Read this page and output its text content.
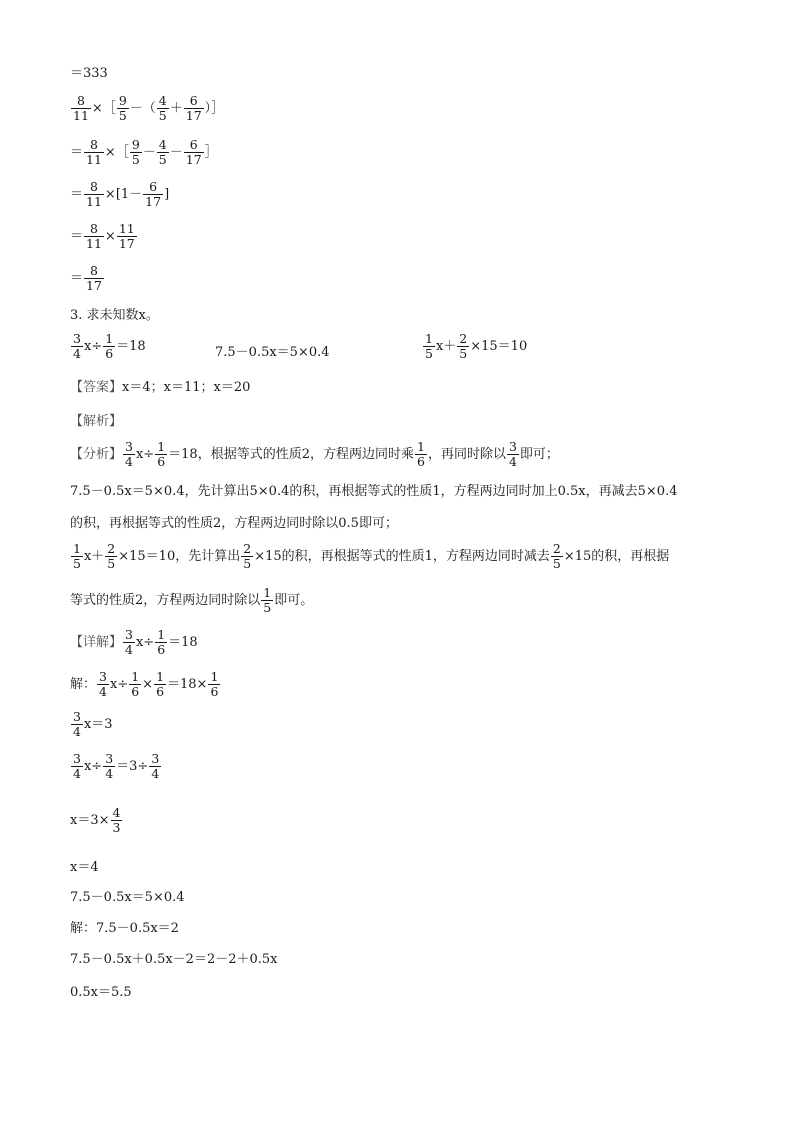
＝333
$\frac{8}{11}$ ×［ $\frac{9}{5}$ －（ $\frac{4}{5} + \frac{6}{17}$ ）］
＝ $\frac{8}{11}$ ×［ $\frac{9}{5} - \frac{4}{5} - \frac{6}{17}$ ］
＝ $\frac{8}{11} \times[1- \frac{6}{17}$ ]
＝ $\frac{8}{11} \times \frac{11}{17}$
＝ $\frac{8}{17}$
3. 求未知数x。
$\frac{3}{4} x\div \frac{1}{6} =18$	7.5－0.5x＝5×0.4	$\frac{1}{5} x+ \frac{2}{5} \times 15=10$
【答案】x＝4；x＝11；x＝20
【解析】
【分析】 $\frac{3}{4} x\div \frac{1}{6} =18$，根据等式的性质2，方程两边同时乘 $\frac{1}{6}$ ，再同时除以 $\frac{3}{4}$ 即可；
7.5－0.5x＝5×0.4，先计算出5×0.4的积，再根据等式的性质1，方程两边同时加上0.5x，再减去5×0.4
的积，再根据等式的性质2，方程两边同时除以0.5即可；
$\frac{1}{5} x+ \frac{2}{5} \times 15=10$，先计算出 $\frac{2}{5} \times 15$的积，再根据等式的性质1，方程两边同时减去 $\frac{2}{5} \times 15$的积，再根据
等式的性质2，方程两边同时除以 $\frac{1}{5}$ 即可。
【详解】 $\frac{3}{4} x\div \frac{1}{6} =18$
解： $\frac{3}{4} x\div \frac{1}{6} \times \frac{1}{6} =18\times \frac{1}{6}$
$\frac{3}{4} x=3$
$\frac{3}{4} x\div \frac{3}{4} =3\div \frac{3}{4}$
$x=3\times \frac{4}{3}$
x＝4
7.5－0.5x＝5×0.4
解：7.5－0.5x＝2
7.5－0.5x＋0.5x－2＝2－2＋0.5x
0.5x＝5.5
